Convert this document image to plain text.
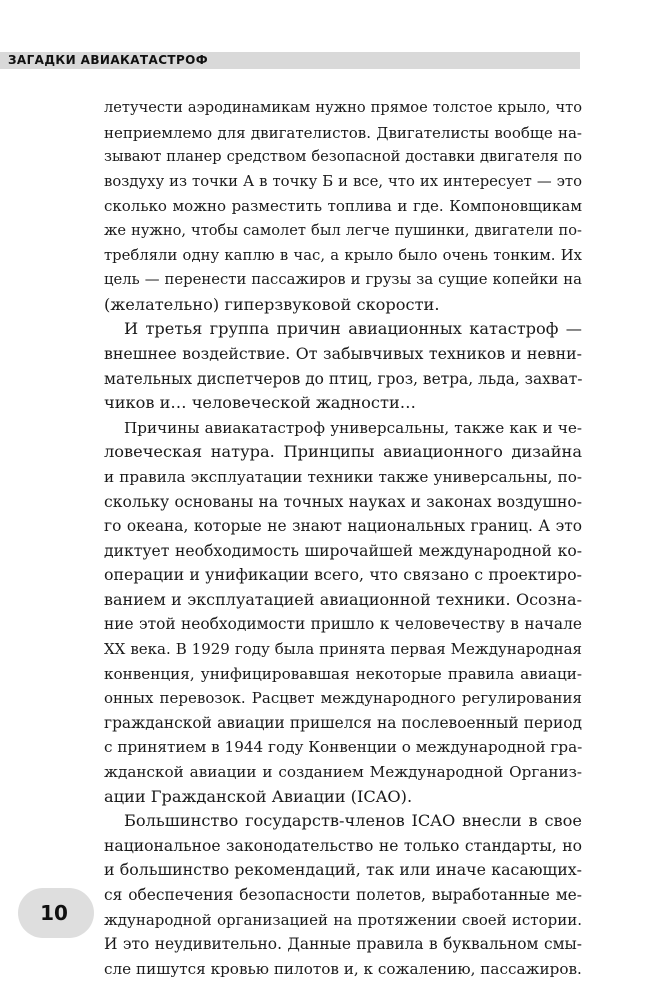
ЗАГАДКИ АВИАКАТАСТРОФ
летучести аэродинамикам нужно прямое толстое крыло, что
неприемлемо для двигателистов. Двигателисты вообще на-
зывают планер средством безопасной доставки двигателя по
воздуху из точки А в точку Б и все, что их интересует — это
сколько можно разместить топлива и где. Компоновщикам
же нужно, чтобы самолет был легче пушинки, двигатели по-
требляли одну каплю в час, а крыло было очень тонким. Их
цель — перенести пассажиров и грузы за сущие копейки на
(желательно) гиперзвуковой скорости.
И третья группа причин авиационных катастроф —
внешнее воздействие. От забывчивых техников и невни-
мательных диспетчеров до птиц, гроз, ветра, льда, захват-
чиков и… человеческой жадности…
Причины авиакатастроф универсальны, также как и че-
ловеческая натура. Принципы авиационного дизайна
и правила эксплуатации техники также универсальны, по-
скольку основаны на точных науках и законах воздушно-
го океана, которые не знают национальных границ. А это
диктует необходимость широчайшей международной ко-
операции и унификации всего, что связано с проектиро-
ванием и эксплуатацией авиационной техники. Осозна-
ние этой необходимости пришло к человечеству в начале
ХХ века. В 1929 году была принята первая Международная
конвенция, унифицировавшая некоторые правила авиаци-
онных перевозок. Расцвет международного регулирования
гражданской авиации пришелся на послевоенный период
с принятием в 1944 году Конвенции о международной гра-
жданской авиации и созданием Международной Организ-
ации Гражданской Авиации (ICAO).
Большинство государств-членов ICAO внесли в свое
национальное законодательство не только стандарты, но
и большинство рекомендаций, так или иначе касающих-
ся обеспечения безопасности полетов, выработанные ме-
ждународной организацией на протяжении своей истории.
И это неудивительно. Данные правила в буквальном смы-
сле пишутся кровью пилотов и, к сожалению, пассажиров.
10
